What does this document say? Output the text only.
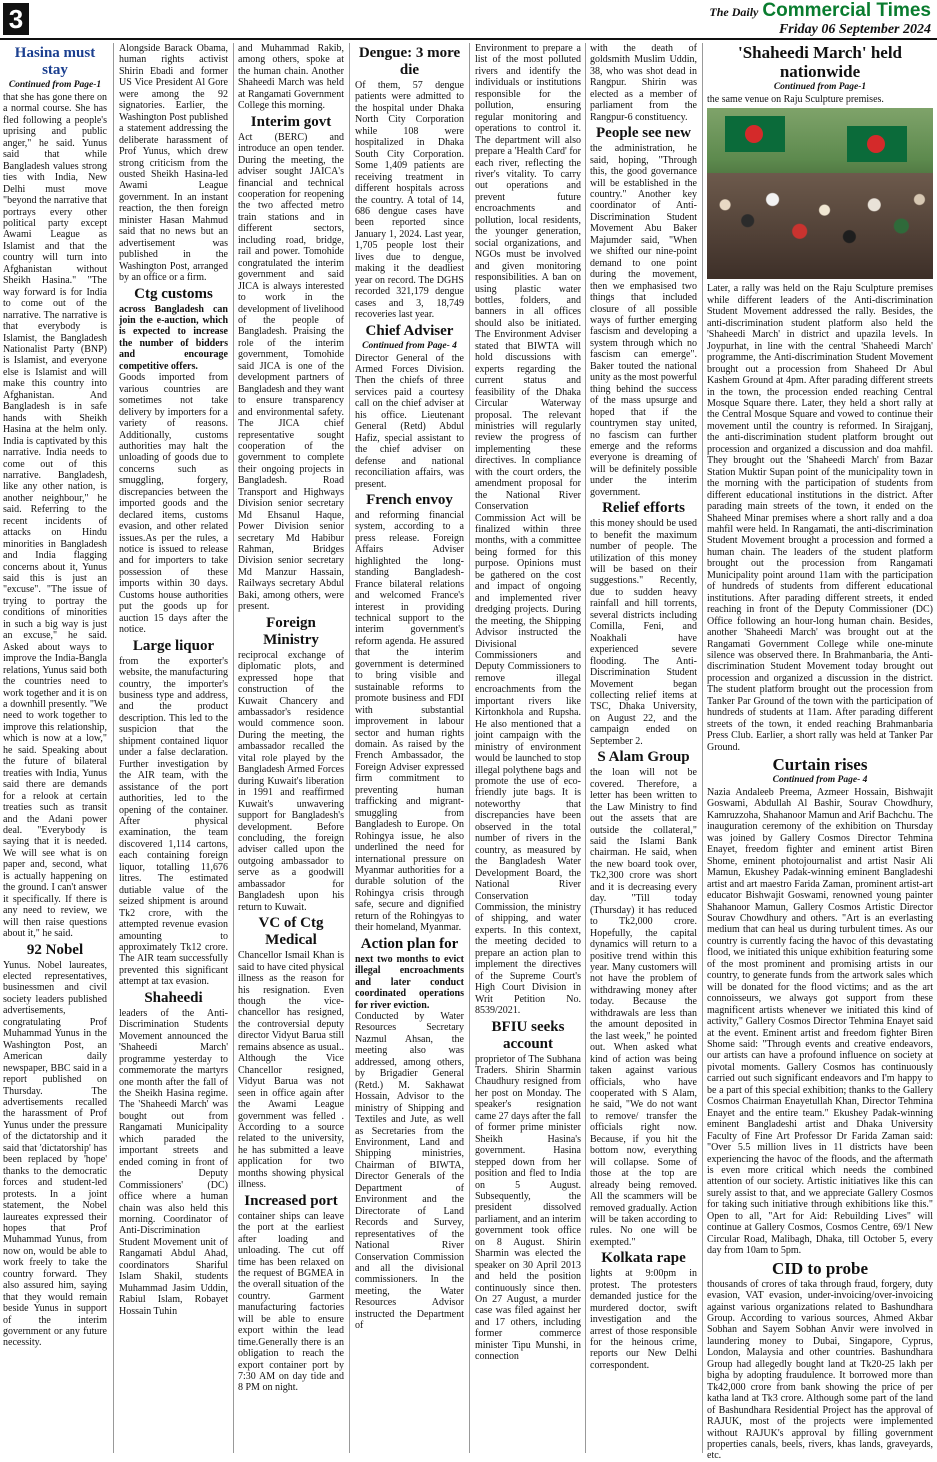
3	The Daily Commercial Times
Friday 06 September 2024
Hasina must stay
Continued from Page-1

that she has gone there on a normal course. She has fled following a people's uprising and public anger," he said. Yunus said that while Bangladesh values strong ties with India, New Delhi must move "beyond the narrative that portrays every other political party except Awami League as Islamist and that the country will turn into Afghanistan without Sheikh Hasina." "The way forward is for India to come out of the narrative. The narrative is that everybody is Islamist, the Bangladesh Nationalist Party (BNP) is Islamist, and everyone else is Islamist and will make this country into Afghanistan. And Bangladesh is in safe hands with Sheikh Hasina at the helm only. India is captivated by this narrative. India needs to come out of this narrative. Bangladesh, like any other nation, is another neighbour," he said. Referring to the recent incidents of attacks on Hindu minorities in Bangladesh and India flagging concerns about it, Yunus said this is just an "excuse". "The issue of trying to portray the conditions of minorities in such a big way is just an excuse," he said. Asked about ways to improve the India-Bangla relations, Yunus said both the countries need to work together and it is on a downhill presently. "We need to work together to improve this relationship, which is now at a low," he said. Speaking about the future of bilateral treaties with India, Yunus said there are demands for a relook at certain treaties such as transit and the Adani power deal. "Everybody is saying that it is needed. We will see what is on paper and, second, what is actually happening on the ground. I can't answer it specifically. If there is any need to review, we will then raise questions about it," he said.

92 Nobel

Yunus. Nobel laureates, elected representatives, businessmen and civil society leaders published advertisements, congratulating Prof Muhammad Yunus in the Washington Post, an American daily newspaper, BBC said in a report published on Thursday. The advertisements recalled the harassment of Prof Yunus under the pressure of the dictatorship and it said that 'dictatorship' has been replaced by 'hope' thanks to the democratic forces and student-led protests. In a joint statement, the Nobel laureates expressed their hopes that Prof Muhammad Yunus, from now on, would be able to work freely to take the country forward. They also assured him, saying that they would remain beside Yunus in support of the interim government or any future necessity.

Alongside Barack Obama, human rights activist Shirin Ebadi and former US Vice President Al Gore were among the 92 signatories. Earlier, the Washington Post published a statement addressing the deliberate harassment of Prof Yunus, which drew strong criticism from the ousted Sheikh Hasina-led Awami League government. In an instant reaction, the then foreign minister Hasan Mahmud said that no news but an advertisement was published in the Washington Post, arranged by an office or a firm.

Ctg customs

across Bangladesh can join the e-auction, which is expected to increase the number of bidders and encourage competitive offers.

Goods imported from various countries are sometimes not take delivery by importers for a variety of reasons. Additionally, customs authorities may halt the unloading of goods due to concerns such as smuggling, forgery, discrepancies between the imported goods and the declared items, customs evasion, and other related issues.As per the rules, a notice is issued to release and for importers to take possession of these imports within 30 days. Customs house authorities put the goods up for auction 15 days after the notice.

Large liquor

from the exporter's website, the manufacturing country, the importer's business type and address, and the product description. This led to the suspicion that the shipment contained liquor under a false declaration. Further investigation by the AIR team, with the assistance of the port authorities, led to the opening of the container. After physical examination, the team discovered 1,114 cartons, each containing foreign liquor, totalling 11,676 litres. The estimated dutiable value of the seized shipment is around Tk2 crore, with the attempted revenue evasion amounting to approximately Tk12 crore. The AIR team successfully prevented this significant attempt at tax evasion.

Shaheedi

leaders of the Anti-Discrimination Students Movement announced the 'Shaheedi March' programme yesterday to commemorate the martyrs one month after the fall of the Sheikh Hasina regime. The 'Shaheedi March' was bought out from Rangamati Municipality which paraded the important streets and ended coming in front of the Deputy Commissioners' (DC) office where a human chain was also held this morning. Coordinator of Anti-Discrimination Student Movement unit of Rangamati Abdul Ahad, coordinators Shariful Islam Shakil, students Muhammad Jasim Uddin, Rabiul Islam, Robayet Hossain Tuhin

and Muhammad Rakib, among others, spoke at the human chain. Another Shaheedi March was held at Rangamati Government College this morning.

Interim govt

Act (BERC) and introduce an open tender. During the meeting, the adviser sought JAICA's financial and technical cooperation for reopening the two affected metro train stations and in different sectors, including road, bridge, rail and power. Tomohide congratulated the interim government and said JICA is always interested to work in the development of livelihood of the people of Bangladesh. Praising the role of the interim government, Tomohide said JICA is one of the development partners of Bangladesh and they want to ensure transparency and environmental safety. The JICA chief representative sought cooperation of the government to complete their ongoing projects in Bangladesh. Road Transport and Highways Division senior secretary Md Ehsanul Haque, Power Division senior secretary Md Habibur Rahman, Bridges Division senior secretary Md Manzur Hassain, Railways secretary Abdul Baki, among others, were present.

Foreign Ministry

reciprocal exchange of diplomatic plots, and expressed hope that construction of the Kuwait Chancery and ambassador's residence would commence soon. During the meeting, the ambassador recalled the vital role played by the Bangladesh Armed Forces during Kuwait's liberation in 1991 and reaffirmed Kuwait's unwavering support for Bangladesh's development. Before concluding, the foreign adviser called upon the outgoing ambassador to serve as a goodwill ambassador for Bangladesh upon his return to Kuwait.

VC of Ctg Medical

Chancellor Ismail Khan is said to have cited physical illness as the reason for his resignation. Even though the vice-chancellor has resigned, the controversial deputy director Vidyut Barua still remains absence as usual.. Although the Vice Chancellor resigned, Vidyut Barua was not seen in office again after the Awami League government was felled . According to a source related to the university, he has submitted a leave application for two months showing physical illness.

Increased port

container ships can leave the port at the earliest after loading and unloading. The cut off time has been relaxed on the request of BGMEA in the overall situation of the country. Garment manufacturing factories will be able to ensure export within the lead time.Generally there is an obligation to reach the export container port by 7:30 AM on day tide and 8 PM on night.

Dengue: 3 more die

Of them, 57 dengue patients were admitted to the hospital under Dhaka North City Corporation while 108 were hospitalized in Dhaka South City Corporation. Some 1,409 patients are receiving treatment in different hospitals across the country. A total of 14, 686 dengue cases have been reported since January 1, 2024. Last year, 1,705 people lost their lives due to dengue, making it the deadliest year on record. The DGHS recorded 321,179 dengue cases and 3, 18,749 recoveries last year.

Chief Adviser
Continued from Page- 4

Director General of the Armed Forces Division. Then the chiefs of three services paid a courtesy call on the chief adviser at his office. Lieutenant General (Retd) Abdul Hafiz, special assistant to the chief adviser on defense and national reconciliation affairs, was present.

French envoy

and reforming financial system, according to a press release. Foreign Affairs Adviser highlighted the long-standing Bangladesh-France bilateral relations and welcomed France's interest in providing technical support to the interim government's reform agenda. He assured that the interim government is determined to bring visible and sustainable reforms to promote business and FDI with substantial improvement in labour sector and human rights domain. As raised by the French Ambassador, the Foreign Adviser expressed firm commitment to preventing human trafficking and migrant-smuggling from Bangladesh to Europe. On Rohingya issue, he also underlined the need for international pressure on Myanmar authorities for a durable solution of the Rohingya crisis through safe, secure and dignified return of the Rohingyas to their homeland, Myanmar.

Action plan for

next two months to evict illegal encroachments and later conduct coordinated operations for river eviction.

Conducted by Water Resources Secretary Nazmul Ahsan, the meeting also was addressed, among others, by Brigadier General (Retd.) M. Sakhawat Hossain, Advisor to the ministry of Shipping and Textiles and Jute, as well as Secretaries from the Environment, Land and Shipping ministries, Chairman of BIWTA, Director Generals of the Department of Environment and the Directorate of Land Records and Survey, representatives of the National River Conservation Commission and all the divisional commissioners. In the meeting, the Water Resources Advisor instructed the Department of

Environment to prepare a list of the most polluted rivers and identify the individuals or institutions responsible for the pollution, ensuring regular monitoring and operations to control it. The department will also prepare a 'Health Card' for each river, reflecting the river's vitality. To carry out operations and prevent future encroachments and pollution, local residents, the younger generation, social organizations, and NGOs must be involved and given monitoring responsibilities. A ban on using plastic water bottles, folders, and banners in all offices should also be initiated. The Environment Adviser stated that BIWTA will hold discussions with experts regarding the current status and feasibility of the Dhaka Circular Waterway proposal. The relevant ministries will regularly review the progress of implementing these directives. In compliance with the court orders, the amendment proposal for the National River Conservation Commission Act will be finalized within three months, with a committee being formed for this purpose. Opinions must be gathered on the cost and impact of ongoing and implemented river dredging projects. During the meeting, the Shipping Advisor instructed the Divisional Commissioners and Deputy Commissioners to remove illegal encroachments from the important rivers like Kirtonkhola and Rupsha. He also mentioned that a joint campaign with the ministry of environment would be launched to stop illegal polythene bags and promote the use of eco-friendly jute bags. It is noteworthy that discrepancies have been observed in the total number of rivers in the country, as measured by the Bangladesh Water Development Board, the National River Conservation Commission, the ministry of shipping, and water experts. In this context, the meeting decided to prepare an action plan to implement the directives of the Supreme Court's High Court Division in Writ Petition No. 8539/2021.

BFIU seeks account

proprietor of The Subhana Traders. Shirin Sharmin Chaudhury resigned from her post on Monday. The speaker's resignation came 27 days after the fall of former prime minister Sheikh Hasina's government. Hasina stepped down from her position and fled to India on 5 August. Subsequently, the president dissolved parliament, and an interim government took office on 8 August. Shirin Sharmin was elected the speaker on 30 April 2013 and held the position continuously since then. On 27 August, a murder case was filed against her and 17 others, including former commerce minister Tipu Munshi, in connection

with the death of goldsmith Muslim Uddin, 38, who was shot dead in Rangpur. Shirin was elected as a member of parliament from the Rangpur-6 constituency.

People see new

the administration, he said, hoping, "Through this, the good governance will be established in the country." Another key coordinator of Anti-Discrimination Student Movement Abu Baker Majumder said, "When we shifted our nine-point demand to one point during the movement, then we emphasised two things that included closure of all possible ways of further emerging fascism and developing a system through which no fascism can emerge". Baker touted the national unity as the most powerful thing behind the success of the mass upsurge and hoped that if the countrymen stay united, no fascism can further emerge and the reforms everyone is dreaming of will be definitely possible under the interim government.

Relief efforts

this money should be used to benefit the maximum number of people. The utilization of this money will be based on their suggestions." Recently, due to sudden heavy rainfall and hill torrents, several districts including Comilla, Feni, and Noakhali have experienced severe flooding. The Anti-Discrimination Student Movement began collecting relief items at TSC, Dhaka University, on August 22, and the campaign ended on September 2.

S Alam Group

the loan will not be covered. Therefore, a letter has been written to the Law Ministry to find out the assets that are outside the collateral," said the Islami Bank chairman. He said, when the new board took over, Tk2,300 crore was short and it is decreasing every day. "Till today (Thursday) it has reduced to Tk2,000 crore. Hopefully, the capital dynamics will return to a positive trend within this year. Many customers will not have the problem of withdrawing money after today. Because the withdrawals are less than the amount deposited in the last week," he pointed out. When asked what kind of action was being taken against various officials, who have cooperated with S Alam, he said, "We do not want to remove/ transfer the officials right now. Because, if you hit the bottom now, everything will collapse. Some of those at the top are already being removed. All the scammers will be removed gradually. Action will be taken according to rules. No one will be exempted."

Kolkata rape

lights at 9:00pm in protest. The protesters demanded justice for the murdered doctor, swift investigation and the arrest of those responsible for the heinous crime, reports our New Delhi correspondent.

'Shaheedi March' held nationwide
Continued from Page-1

the same venue on Raju Sculpture premises.

Later, a rally was held on the Raju Sculpture premises while different leaders of the Anti-discrimination Student Movement addressed the rally. Besides, the anti-discrimination student platform also held the 'Shaheedi March' in district and upazila levels. In Joypurhat, in line with the central 'Shaheedi March' programme, the Anti-discrimination Student Movement brought out a procession from Shaheed Dr Abul Kashem Ground at 4pm. After parading different streets in the town, the procession ended reaching Central Mosque Square there. Later, they held a short rally at the Central Mosque Square and vowed to continue their movement until the country is reformed. In Sirajganj, the anti-discrimination student platform brought out procession and organized a discussion and doa mahfil. They brought out the 'Shaheedi March' from Bazar Station Muktir Supan point of the municipality town in the morning with the participation of students from different educational institutions in the district. After parading main streets of the town, it ended on the Shaheed Minar premises where a short rally and a doa mahfil were held. In Rangamati, the anti-discrimination Student Movement brought a procession and formed a human chain. The leaders of the student platform brought out the procession from Rangamati Municipality point around 11am with the participation of hundreds of students from different educational institutions. After parading different streets, it ended reaching in front of the Deputy Commissioner (DC) Office following an hour-long human chain. Besides, another 'Shaheedi March' was brought out at the Rangamati Government College while one-minute silence was observed there. In Brahmanbaria, the Anti-discrimination Student Movement today brought out procession and organized a discussion in the district. The student platform brought out the procession from Tanker Par Ground of the town with the participation of hundreds of students at 11am. After parading different streets of the town, it ended reaching Brahmanbaria Press Club. Earlier, a short rally was held at Tanker Par Ground.

Curtain rises
Continued from Page- 4

Nazia Andaleeb Preema, Azmeer Hossain, Bishwajit Goswami, Abdullah Al Bashir, Sourav Chowdhury, Kamruzzoha, Shahanoor Mamun and Arif Bachchu. The inauguration ceremony of the exhibition on Thursday was joined by Gallery Cosmos Director Tehmina Enayet, freedom fighter and eminent artist Biren Shome, eminent photojournalist and artist Nasir Ali Mamun, Ekushey Padak-winning eminent Bangladeshi artist and art maestro Farida Zaman, prominent artist-art educator Bishwajit Goswami, renowned young painter Shahanoor Mamun, Gallery Cosmos Artistic Director Sourav Chowdhury and others. "Art is an everlasting medium that can heal us during turbulent times. As our country is currently facing the havoc of this devastating flood, we initiated this unique exhibition featuring some of the most prominent and promising artists in our country, to generate funds from the artwork sales which will be donated for the flood victims; and as the art connoisseurs, we always got support from these magnificent artists whenever we initiated this kind of activity," Gallery Cosmos Director Tehmina Enayet said at the event. Eminent artist and freedom fighter Biren Shome said: "Through events and creative endeavors, our artists can have a profound influence on society at pivotal moments. Gallery Cosmos has continuously carried out such significant endeavors and I'm happy to be a part of this special exhibition; thanks to the Gallery Cosmos Chairman Enayetullah Khan, Director Tehmina Enayet and the entire team." Ekushey Padak-winning eminent Bangladeshi artist and Dhaka University Faculty of Fine Art Professor Dr Farida Zaman said: "Over 5.5 million lives in 11 districts have been experiencing the havoc of the floods, and the aftermath is even more critical which needs the combined attention of our society. Artistic initiatives like this can surely assist to that, and we appreciate Gallery Cosmos for taking such initiative through exhibitions like this." Open to all, "Art for Aid: Rebuilding Lives" will continue at Gallery Cosmos, Cosmos Centre, 69/1 New Circular Road, Malibagh, Dhaka, till October 5, every day from 10am to 5pm.

CID to probe

thousands of crores of taka through fraud, forgery, duty evasion, VAT evasion, under-invoicing/over-invoicing against various organizations related to Bashundhara Group. According to various sources, Ahmed Akbar Sobhan and Sayem Sobhan Anvir were involved in laundering money to Dubai, Singapore, Cyprus, London, Malaysia and other countries. Bashundhara Group had allegedly bought land at Tk20-25 lakh per bigha by adopting fraudulence. It borrowed more than Tk42,000 crore from bank showing the price of per katha land at Tk3 crore. Although some part of the land of Bashundhara Residential Project has the approval of RAJUK, most of the projects were implemented without RAJUK's approval by filling government properties canals, beels, rivers, khas lands, graveyards, etc.
